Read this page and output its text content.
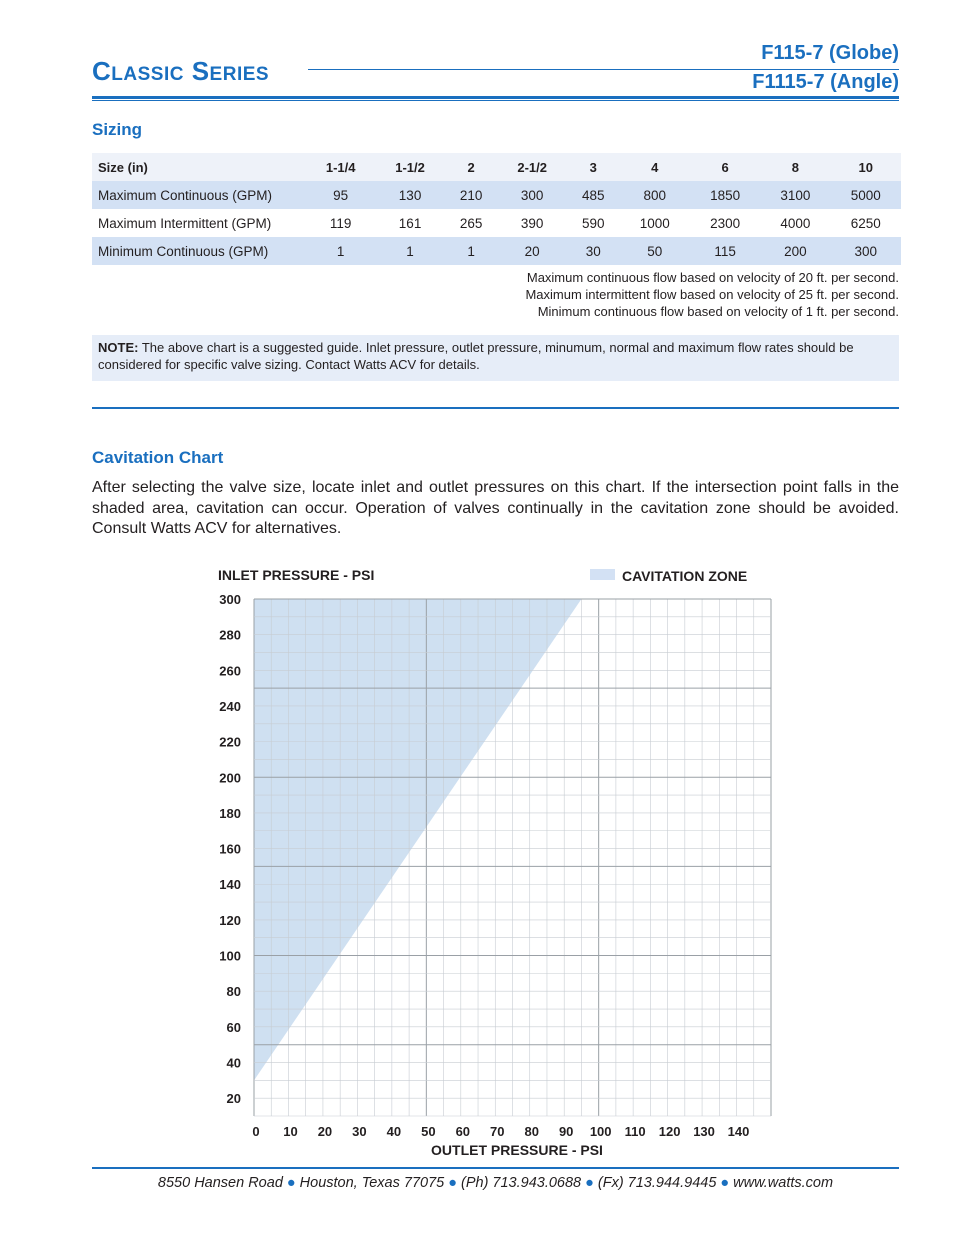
CLASSIC SERIES
F115-7 (Globe)
F1115-7 (Angle)
Sizing
Size (in)	1-1/4	1-1/2	2	2-1/2	3	4	6	8	10
Maximum Continuous (GPM)	95	130	210	300	485	800	1850	3100	5000
Maximum Intermittent (GPM)	119	161	265	390	590	1000	2300	4000	6250
Minimum Continuous (GPM)	1	1	1	20	30	50	115	200	300
Maximum continuous flow based on velocity of 20 ft. per second.
Maximum intermittent flow based on velocity of 25 ft. per second.
Minimum continuous flow based on velocity of 1 ft. per second.
NOTE: The above chart is a suggested guide. Inlet pressure, outlet pressure, minumum, normal and maximum flow rates should be considered for specific valve sizing. Contact Watts ACV for details.
Cavitation Chart
After selecting the valve size, locate inlet and outlet pressures on this chart. If the intersection point falls in the shaded area, cavitation can occur. Operation of valves continually in the cavitation zone should be avoided. Consult Watts ACV for alternatives.
20
40
60
80
100
120
140
160
180
200
220
240
260
280
300
0 10 20 30 40 50 60 70 80 90 100 110 120 130 140
INLET PRESSURE - PSI
OUTLET PRESSURE - PSI
CAVITATION ZONE
8550 Hansen Road ● Houston, Texas 77075 ● (Ph) 713.943.0688 ● (Fx) 713.944.9445 ● www.watts.com
